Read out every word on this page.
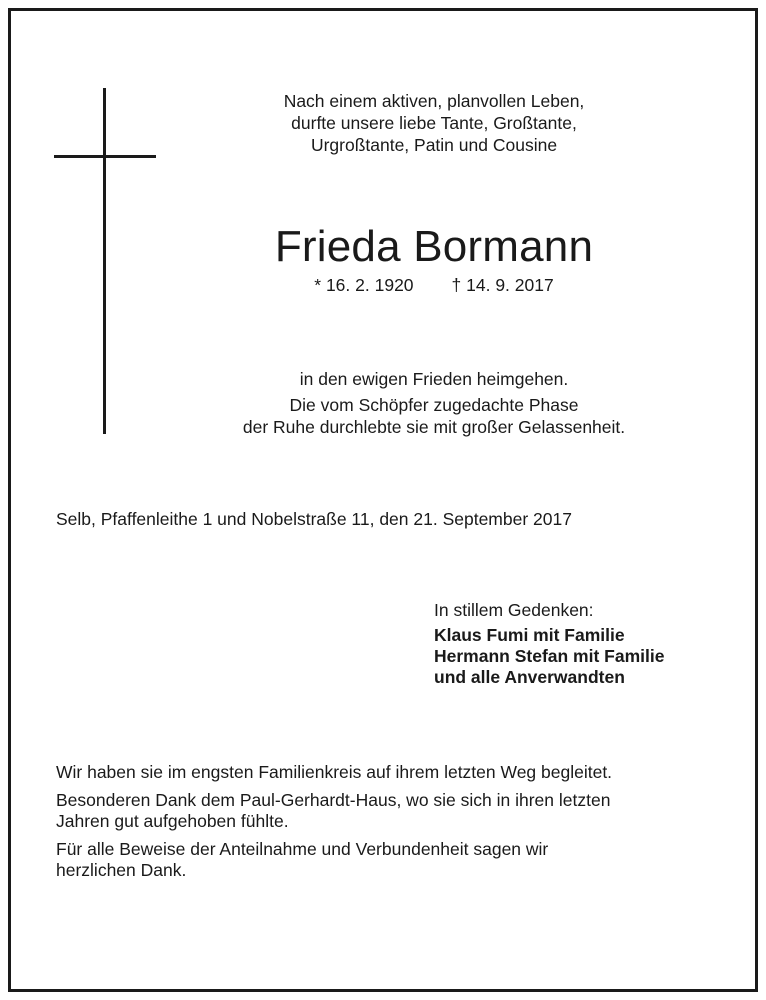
Nach einem aktiven, planvollen Leben,
durfte unsere liebe Tante, Großtante,
Urgroßtante, Patin und Cousine
Frieda Bormann
* 16. 2. 1920 † 14. 9. 2017
in den ewigen Frieden heimgehen.
Die vom Schöpfer zugedachte Phase
der Ruhe durchlebte sie mit großer Gelassenheit.
Selb, Pfaffenleithe 1 und Nobelstraße 11, den 21. September 2017
In stillem Gedenken:
Klaus Fumi mit Familie
Hermann Stefan mit Familie
und alle Anverwandten

Wir haben sie im engsten Familienkreis auf ihrem letzten Weg begleitet.

Besonderen Dank dem Paul-Gerhardt-Haus, wo sie sich in ihren letzten
Jahren gut aufgehoben fühlte.

Für alle Beweise der Anteilnahme und Verbundenheit sagen wir
herzlichen Dank.
